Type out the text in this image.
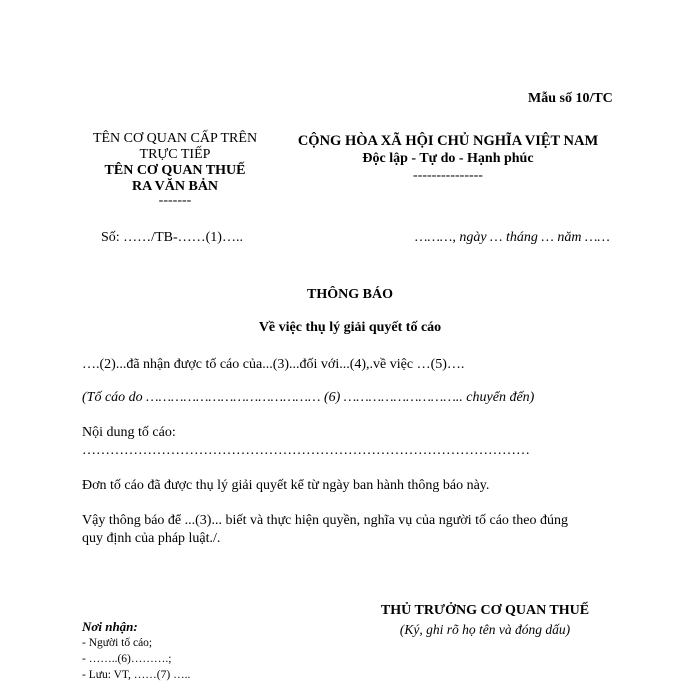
Mẫu số 10/TC
TÊN CƠ QUAN CẤP TRÊN
TRỰC TIẾP
TÊN CƠ QUAN THUẾ
RA VĂN BẢN
-------
CỘNG HÒA XÃ HỘI CHỦ NGHĨA VIỆT NAM
Độc lập - Tự do - Hạnh phúc
---------------
Số: ……/TB-……(1)…..	………, ngày … tháng … năm ……
THÔNG BÁO
Về việc thụ lý giải quyết tố cáo
….(2)...đã nhận được tố cáo của...(3)...đối với...(4),.về việc …(5)….
(Tố cáo do …………………………………… (6) ……………………….. chuyển đến)
Nội dung tố cáo:
……………………………………………………………………………………
Đơn tố cáo đã được thụ lý giải quyết kể từ ngày ban hành thông báo này.
Vậy thông báo để ...(3)... biết và thực hiện quyền, nghĩa vụ của người tố cáo theo đúng
quy định của pháp luật./.
Nơi nhận:
- Người tố cáo;
- ……..(6)……….;
- Lưu: VT, ……(7) …..
THỦ TRƯỞNG CƠ QUAN THUẾ
(Ký, ghi rõ họ tên và đóng dấu)
